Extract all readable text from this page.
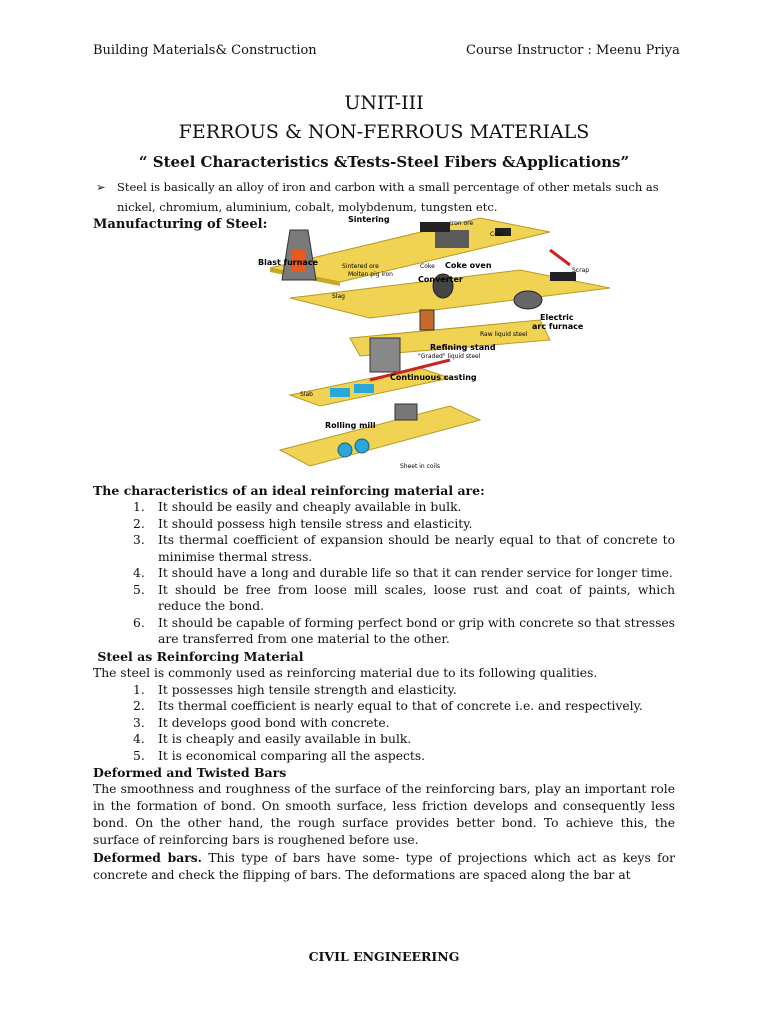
Building Materials& Construction	Course Instructor : Meenu Priya
UNIT-III
FERROUS & NON-FERROUS MATERIALS
“ Steel Characteristics &Tests-Steel Fibers &Applications”
➢ Steel is basically an alloy of iron and carbon with a small percentage of other metals such as nickel, chromium, aluminium, cobalt, molybdenum, tungsten etc.
Manufacturing of Steel:	Sintering	Iron ore
Coal
Blast furnace	Sintered ore	Coke Coke oven
Molten pig iron
Slag
Converter
Scrap
Electric
arc furnace
Raw liquid steel
Refining stand
"Graded" liquid steel
Continuous casting
Slab
Rolling mill
Sheet in coils

The characteristics of an ideal reinforcing material are:

1. It should be easily and cheaply available in bulk.
2. It should possess high tensile stress and elasticity.
3. Its thermal coefficient of expansion should be nearly equal to that of concrete to minimise thermal stress.
4. It should have a long and durable life so that it can render service for longer time.
5. It should be free from loose mill scales, loose rust and coat of paints, which reduce the bond.
6. It should be capable of forming perfect bond or grip with concrete so that stresses are transferred from one material to the other.

Steel as Reinforcing Material

The steel is commonly used as reinforcing material due to its following qualities.

1. It possesses high tensile strength and elasticity.
2. Its thermal coefficient is nearly equal to that of concrete i.e. and respectively.
3. It develops good bond with concrete.
4. It is cheaply and easily available in bulk.
5. It is economical comparing all the aspects.

Deformed and Twisted Bars

The smoothness and roughness of the surface of the reinforcing bars, play an important role in the formation of bond. On smooth surface, less friction develops and consequently less bond. On the other hand, the rough surface provides better bond. To achieve this, the surface of reinforcing bars is roughened before use.

Deformed bars. This type of bars have some- type of projections which act as keys for concrete and check the flipping of bars. The deformations are spaced along the bar at

CIVIL ENGINEERING
